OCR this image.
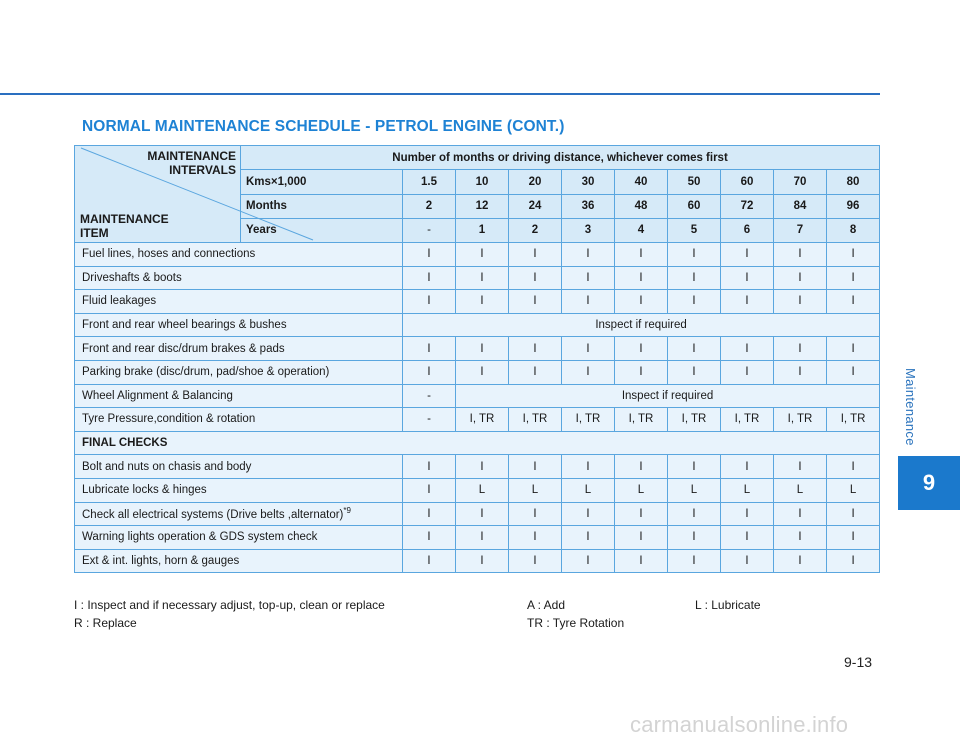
NORMAL MAINTENANCE SCHEDULE - PETROL ENGINE (CONT.)
Maintenance
9
MAINTENANCE
INTERVALS
MAINTENANCE
ITEM	Number of months or driving distance, whichever comes first									
	Kms×1,000	1.5	10	20	30	40	50	60	70	80
	Months	2	12	24	36	48	60	72	84	96
	Years	-	1	2	3	4	5	6	7	8
Fuel lines, hoses and connections		I	I	I	I	I	I	I	I	I
Driveshafts & boots		I	I	I	I	I	I	I	I	I
Fluid leakages		I	I	I	I	I	I	I	I	I
Front and rear wheel bearings & bushes		Inspect if required								
Front and rear disc/drum brakes & pads		I	I	I	I	I	I	I	I	I
Parking brake (disc/drum, pad/shoe & operation)		I	I	I	I	I	I	I	I	I
Wheel Alignment & Balancing		-	Inspect if required							
Tyre Pressure,condition & rotation		-	I, TR	I, TR	I, TR	I, TR	I, TR	I, TR	I, TR	I, TR
FINAL CHECKS										
Bolt and nuts on chasis and body		I	I	I	I	I	I	I	I	I
Lubricate locks & hinges		I	L	L	L	L	L	L	L	L
Check all electrical systems (Drive belts ,alternator)$^{*9}$		I	I	I	I	I	I	I	I	I
Warning lights operation & GDS system check		I	I	I	I	I	I	I	I	I
Ext & int. lights, horn & gauges		I	I	I	I	I	I	I	I	I
I : Inspect and if necessary adjust, top-up, clean or replace
R : Replace
A : Add
TR : Tyre Rotation
L : Lubricate
9-13
carmanualsonline.info
